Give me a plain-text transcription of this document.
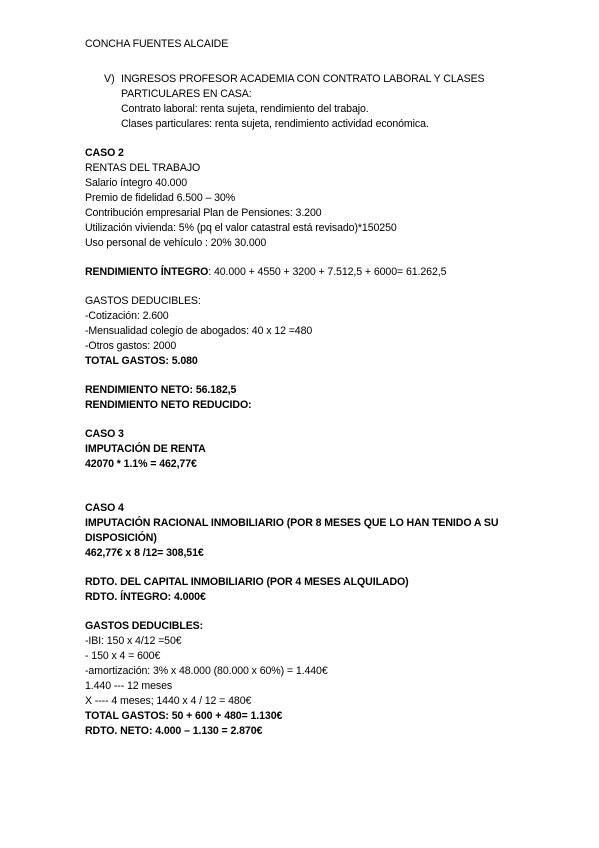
CONCHA FUENTES ALCAIDE
V) INGRESOS PROFESOR ACADEMIA CON CONTRATO LABORAL Y CLASES
PARTICULARES EN CASA:
Contrato laboral: renta sujeta, rendimiento del trabajo.
Clases particulares: renta sujeta, rendimiento actividad económica.
CASO 2
RENTAS DEL TRABAJO
Salario íntegro 40.000
Premio de fidelidad 6.500 – 30%
Contribución empresarial Plan de Pensiones: 3.200
Utilización vivienda: 5% (pq el valor catastral está revisado)*150250
Uso personal de vehículo : 20% 30.000
RENDIMIENTO ÍNTEGRO: 40.000 + 4550 + 3200 + 7.512,5 + 6000= 61.262,5
GASTOS DEDUCIBLES:
-Cotización: 2.600
-Mensualidad colegio de abogados: 40 x 12 =480
-Otros gastos: 2000
TOTAL GASTOS: 5.080
RENDIMIENTO NETO: 56.182,5
RENDIMIENTO NETO REDUCIDO:
CASO 3
IMPUTACIÓN DE RENTA
42070 * 1.1% = 462,77€
CASO 4
IMPUTACIÓN RACIONAL INMOBILIARIO (POR 8 MESES QUE LO HAN TENIDO A SU
DISPOSICIÓN)
462,77€ x 8 /12= 308,51€
RDTO. DEL CAPITAL INMOBILIARIO (POR 4 MESES ALQUILADO)
RDTO. ÍNTEGRO: 4.000€
GASTOS DEDUCIBLES:
-IBI: 150 x 4/12 =50€
- 150 x 4 = 600€
-amortización: 3% x 48.000 (80.000 x 60%) = 1.440€
1.440 --- 12 meses
X ---- 4 meses; 1440 x 4 / 12 = 480€
TOTAL GASTOS: 50 + 600 + 480= 1.130€
RDTO. NETO: 4.000 – 1.130 = 2.870€
